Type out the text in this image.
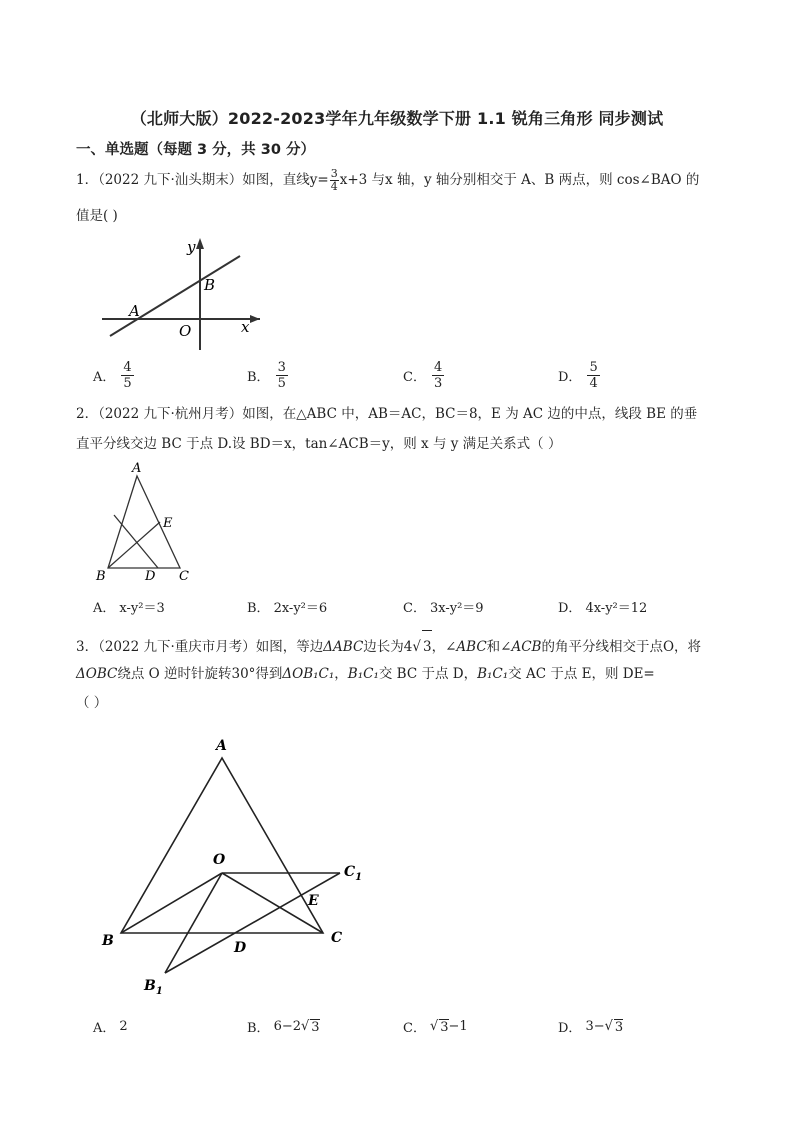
（北师大版）2022-2023学年九年级数学下册 1.1 锐角三角形 同步测试
一、单选题（每题 3 分，共 30 分）
1．（2022 九下·汕头期末）如图，直线$y= \frac{3}{4} x+3$ 与x 轴，y 轴分别相交于 A、B 两点，则 cos∠BAO 的
值是( )
y
x
A
B
O
A．
4
5	B．
3
5	C．
4
3	D．
5
4
2．（2022 九下·杭州月考）如图，在△ABC 中，AB＝AC，BC＝8，E 为 AC 边的中点，线段 BE 的垂
直平分线交边 BC 于点 D.设 BD＝x，tan∠ACB＝y，则 x 与 y 满足关系式（ ）
A
B	C
D
E
A． x-y²＝3	B． 2x-y²＝6	C． 3x-y²＝9	D． 4x-y²＝12
3．（2022 九下·重庆市月考）如图，等边ΔABC边长为4√ 3，∠ABC和∠ACB的角平分线相交于点O，将
ΔOBC绕点 O 逆时针旋转30°得到ΔOB₁C₁，B₁C₁交 BC 于点 D，B₁C₁交 AC 于点 E，则 DE=
（ ）
A
B	C
O
D
E
$C_1$
$B_1$
A． 2	B． 6−2 √ 3	C． √ 3 −1	D． 3− √ 3
